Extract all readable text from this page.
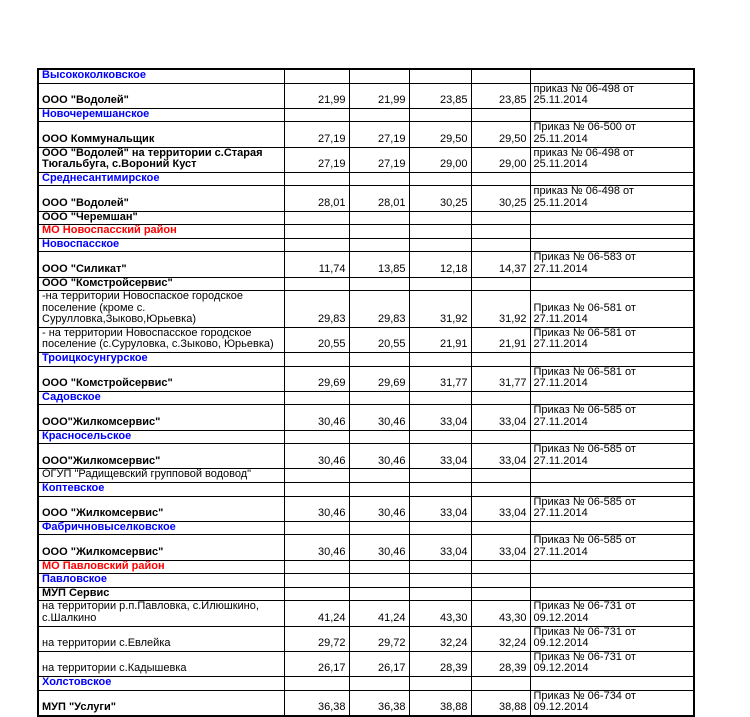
Высококолковское					
ООО "Водолей"	21,99	21,99	23,85	23,85	приказ № 06-498 от 25.11.2014
Новочеремшанское					
ООО Коммунальщик	27,19	27,19	29,50	29,50	Приказ № 06-500 от 25.11.2014
ООО "Водолей" на территории с.Старая Тюгальбуга, с.Вороний Куст	27,19	27,19	29,00	29,00	приказ № 06-498 от 25.11.2014
Среднесантимирское					
ООО "Водолей"	28,01	28,01	30,25	30,25	приказ № 06-498 от 25.11.2014
ООО "Черемшан"					
МО Новоспасский район					
Новоспасское					
ООО "Силикат"	11,74	13,85	12,18	14,37	Приказ № 06-583 от 27.11.2014
ООО "Комстройсервис"					
-на территории Новоспаское городское поселение (кроме с. Сурулловка,Зыково,Юрьевка)	29,83	29,83	31,92	31,92	Приказ № 06-581 от 27.11.2014
- на территории Новоспасское городское поселение (с.Суруловка, с.Зыково, Юрьевка)	20,55	20,55	21,91	21,91	Приказ № 06-581 от 27.11.2014
Троицкосунгурское					
ООО "Комстройсервис"	29,69	29,69	31,77	31,77	Приказ № 06-581 от 27.11.2014
Садовское					
ООО"Жилкомсервис"	30,46	30,46	33,04	33,04	Приказ № 06-585 от 27.11.2014
Красносельское					
ООО"Жилкомсервис"	30,46	30,46	33,04	33,04	Приказ № 06-585 от 27.11.2014
ОГУП "Радищевский групповой водовод"					
Коптевское					
ООО "Жилкомсервис"	30,46	30,46	33,04	33,04	Приказ № 06-585 от 27.11.2014
Фабричновыселковское					
ООО "Жилкомсервис"	30,46	30,46	33,04	33,04	Приказ № 06-585 от 27.11.2014
МО Павловский район					
Павловское					
МУП Сервис					
на территории р.п.Павловка, с.Илюшкино, с.Шалкино	41,24	41,24	43,30	43,30	Приказ № 06-731 от 09.12.2014
на территории с.Евлейка	29,72	29,72	32,24	32,24	Приказ № 06-731 от 09.12.2014
на территории с.Кадышевка	26,17	26,17	28,39	28,39	Приказ № 06-731 от 09.12.2014
Холстовское					
МУП "Услуги"	36,38	36,38	38,88	38,88	Приказ № 06-734 от 09.12.2014
